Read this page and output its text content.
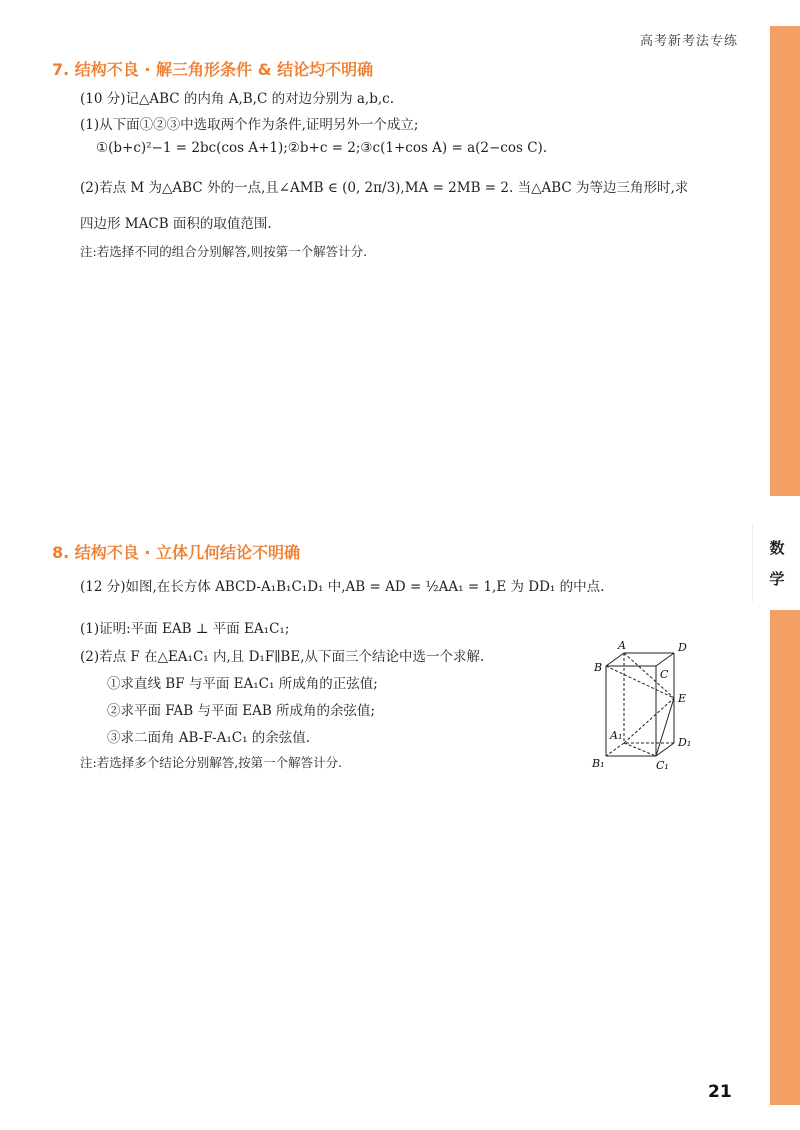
数
学
高考新考法专练
7. 结构不良 · 解三角形条件 & 结论均不明确
(10 分)记△ABC 的内角 A,B,C 的对边分别为 a,b,c.
(1)从下面①②③中选取两个作为条件,证明另外一个成立;
①(b+c)²−1 = 2bc(cos A+1);②b+c = 2;③c(1+cos A) = a(2−cos C).
(2)若点 M 为△ABC 外的一点,且∠AMB ∈ (0, 2π/3),MA = 2MB = 2. 当△ABC 为等边三角形时,求
四边形 MACB 面积的取值范围.
注:若选择不同的组合分别解答,则按第一个解答计分.
8. 结构不良 · 立体几何结论不明确
(12 分)如图,在长方体 ABCD-A₁B₁C₁D₁ 中,AB = AD = ½AA₁ = 1,E 为 DD₁ 的中点.
(1)证明:平面 EAB ⊥ 平面 EA₁C₁;
(2)若点 F 在△EA₁C₁ 内,且 D₁F∥BE,从下面三个结论中选一个求解.
①求直线 BF 与平面 EA₁C₁ 所成角的正弦值;
②求平面 FAB 与平面 EAB 所成角的余弦值;
③求二面角 AB-F-A₁C₁ 的余弦值.
注:若选择多个结论分别解答,按第一个解答计分.
A	D
B
C
E
A₁
D₁
B₁	C₁
21
